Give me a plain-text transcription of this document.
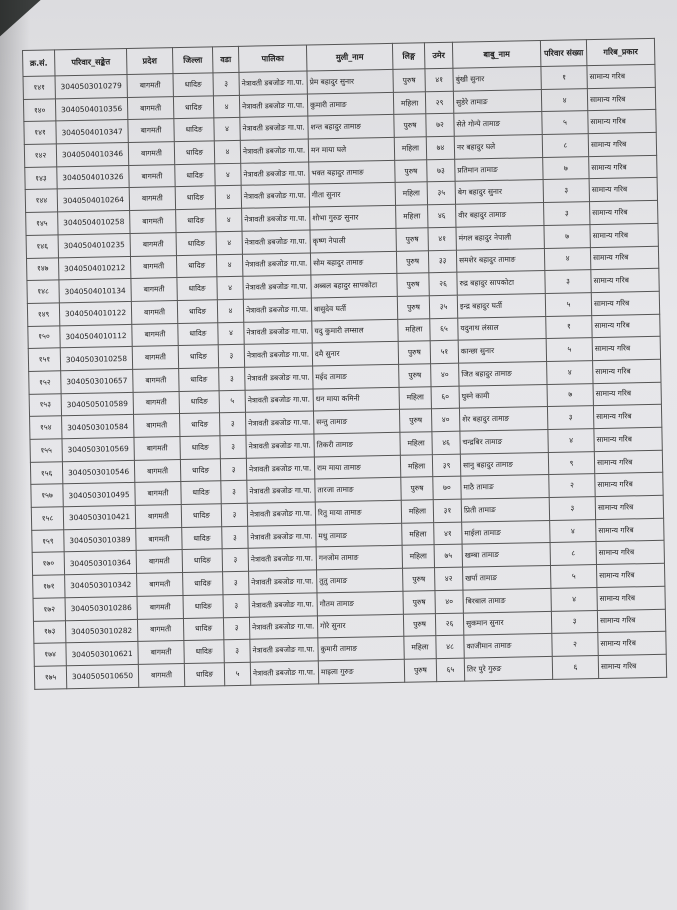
क्र.सं.	परिवार_सङ्केत	प्रदेश	जिल्ला	वडा	पालिका	मुली_नाम	लिङ्ग	उमेर	बाबु_नाम	परिवार संख्या	गरिब_प्रकार
१४१	3040503010279	बागमती	धादिङ	३	नेत्रावती डबजोङ गा.पा.	प्रेम बहादुर सुनार	पुरुष	४१	बुंखी सुनार	१	सामान्य गरिब
१४०	3040504010356	बागमती	धादिङ	४	नेत्रावती डबजोङ गा.पा.	कुमारी तामाङ	महिला	२९	सुडेरे तामाङ	४	सामान्य गरिब
१४१	3040504010347	बागमती	धादिङ	४	नेत्रावती डबजोङ गा.पा.	शन्त बहादुर तामाङ	पुरुष	७२	सेते गोन्पे तामाङ	५	सामान्य गरिब
१४२	3040504010346	बागमती	धादिङ	४	नेत्रावती डबजोङ गा.पा.	मन माया घले	महिला	७४	नर बहादुर घले	८	सामान्य गरिब
१४३	3040504010326	बागमती	धादिङ	४	नेत्रावती डबजोङ गा.पा.	भक्त बहादुर तामाङ	पुरुष	७३	प्रतिमान तामाङ	७	सामान्य गरिब
१४४	3040504010264	बागमती	धादिङ	४	नेत्रावती डबजोङ गा.पा.	गीता सुनार	महिला	३५	बेग बहादुर सुनार	३	सामान्य गरिब
१४५	3040504010258	बागमती	धादिङ	४	नेत्रावती डबजोङ गा.पा.	शोभा गुरुङ सुनार	महिला	४६	वीर बहादुर तामाङ	३	सामान्य गरिब
१४६	3040504010235	बागमती	धादिङ	४	नेत्रावती डबजोङ गा.पा.	कृष्ण नेपाली	पुरुष	४१	मंगल बहादुर नेपाली	७	सामान्य गरिब
१४७	3040504010212	बागमती	धादिङ	४	नेत्रावती डबजोङ गा.पा.	सोम बहादुर तामाङ	पुरुष	३३	समशेर बहादुर तामाङ	४	सामान्य गरिब
१४८	3040504010134	बागमती	धादिङ	४	नेत्रावती डबजोङ गा.पा.	अब्बल बहादुर सापकोटा	पुरुष	२६	रुद्र बहादुर सापकोटा	३	सामान्य गरिब
१४९	3040504010122	बागमती	धादिङ	४	नेत्रावती डबजोङ गा.पा.	बासुदेव घर्ती	पुरुष	३५	इन्द्र बहादुर घर्ती	५	सामान्य गरिब
१५०	3040504010112	बागमती	धादिङ	४	नेत्रावती डबजोङ गा.पा.	यदु कुमारी लम्साल	महिला	६५	यदुनाथ लंसाल	१	सामान्य गरिब
१५१	3040503010258	बागमती	धादिङ	३	नेत्रावती डबजोङ गा.पा.	दमै सुनार	पुरुष	५१	कान्छा सुनार	५	सामान्य गरिब
१५२	3040503010657	बागमती	धादिङ	३	नेत्रावती डबजोङ गा.पा.	मईद तामाङ	पुरुष	४०	जित बहादुर तामाङ	४	सामान्य गरिब
१५३	3040505010589	बागमती	धादिङ	५	नेत्रावती डबजोङ गा.पा.	धन माया कमिनी	महिला	६०	घुस्ने कामी	७	सामान्य गरिब
१५४	3040503010584	बागमती	धादिङ	३	नेत्रावती डबजोङ गा.पा.	सन्तु तामाङ	पुरुष	४०	शेर बहादुर तामाङ	३	सामान्य गरिब
१५५	3040503010569	बागमती	धादिङ	३	नेत्रावती डबजोङ गा.पा.	तिकरी तामाङ	महिला	४६	चन्द्रबिर तामाङ	४	सामान्य गरिब
१५६	3040503010546	बागमती	धादिङ	३	नेत्रावती डबजोङ गा.पा.	राम माया तामाङ	महिला	३९	सानु बहादुर तामाङ	९	सामान्य गरिब
१५७	3040503010495	बागमती	धादिङ	३	नेत्रावती डबजोङ गा.पा.	तारजा तामाङ	पुरुष	७०	माठै तामाङ	२	सामान्य गरिब
१५८	3040503010421	बागमती	धादिङ	३	नेत्रावती डबजोङ गा.पा.	रितु माया तामाङ	महिला	३१	प्रिती तामाङ	३	सामान्य गरिब
१५९	3040503010389	बागमती	धादिङ	३	नेत्रावती डबजोङ गा.पा.	मधु तामाङ	महिला	४१	माईला तामाङ	४	सामान्य गरिब
१७०	3040503010364	बागमती	धादिङ	३	नेत्रावती डबजोङ गा.पा.	गनजोम तामाङ	महिला	७५	खम्बा तामाङ	८	सामान्य गरिब
१७१	3040503010342	बागमती	धादिङ	३	नेत्रावती डबजोङ गा.पा.	तुतु तामाङ	पुरुष	४२	खर्पा तामाङ	५	सामान्य गरिब
१७२	3040503010286	बागमती	धादिङ	३	नेत्रावती डबजोङ गा.पा.	गौतम तामाङ	पुरुष	४०	बिरबाल तामाङ	४	सामान्य गरिब
१७३	3040503010282	बागमती	धादिङ	३	नेत्रावती डबजोङ गा.पा.	गोरे सुनार	पुरुष	२६	सुकमान सुनार	३	सामान्य गरिब
१७४	3040503010621	बागमती	धादिङ	३	नेत्रावती डबजोङ गा.पा.	कुमारी तामाङ	महिला	४८	काजीमान तामाङ	२	सामान्य गरिब
१७५	3040505010650	बागमती	धादिङ	५	नेत्रावती डबजोङ गा.पा.	माइला गुरुङ	पुरुष	६५	तिर पुरे गुरुङ	६	सामान्य गरिब
